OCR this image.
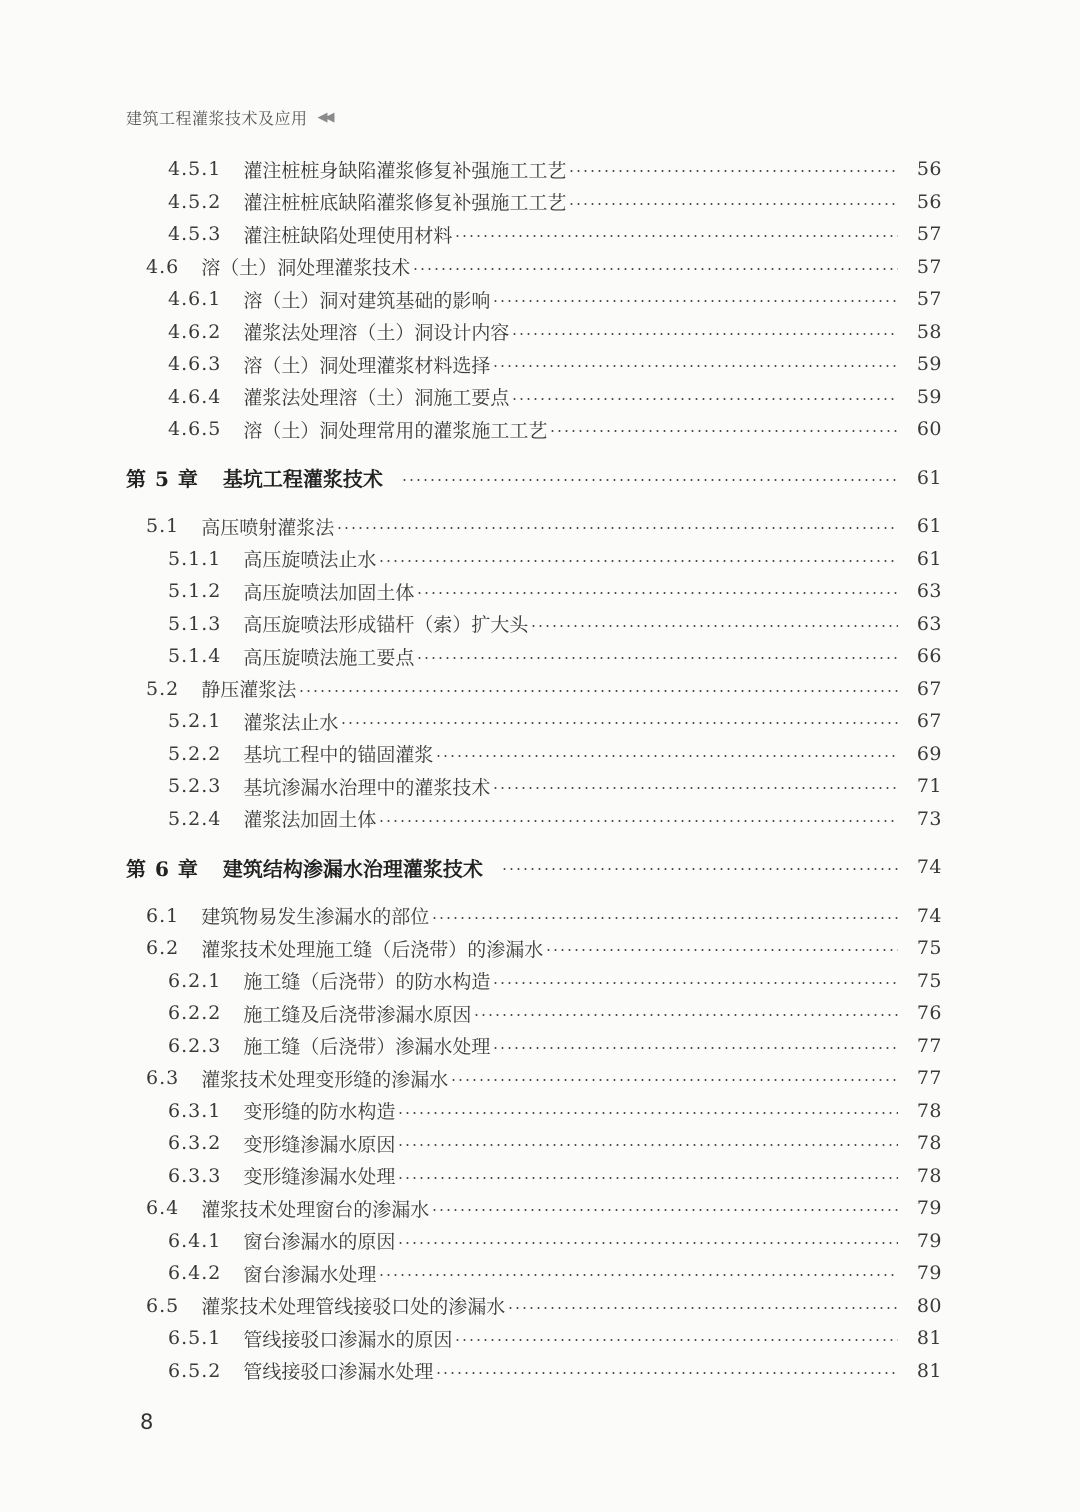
建筑工程灌浆技术及应用 ◀◀
4.5.1 灌注桩桩身缺陷灌浆修复补强施工工艺	56
4.5.2 灌注桩桩底缺陷灌浆修复补强施工工艺	56
4.5.3 灌注桩缺陷处理使用材料	57
4.6 溶（土）洞处理灌浆技术	57
4.6.1 溶（土）洞对建筑基础的影响	57
4.6.2 灌浆法处理溶（土）洞设计内容	58
4.6.3 溶（土）洞处理灌浆材料选择	59
4.6.4 灌浆法处理溶（土）洞施工要点	59
4.6.5 溶（土）洞处理常用的灌浆施工工艺	60
第 5 章 基坑工程灌浆技术	61
5.1 高压喷射灌浆法	61
5.1.1 高压旋喷法止水	61
5.1.2 高压旋喷法加固土体	63
5.1.3 高压旋喷法形成锚杆（索）扩大头	63
5.1.4 高压旋喷法施工要点	66
5.2 静压灌浆法	67
5.2.1 灌浆法止水	67
5.2.2 基坑工程中的锚固灌浆	69
5.2.3 基坑渗漏水治理中的灌浆技术	71
5.2.4 灌浆法加固土体	73
第 6 章 建筑结构渗漏水治理灌浆技术	74
6.1 建筑物易发生渗漏水的部位	74
6.2 灌浆技术处理施工缝（后浇带）的渗漏水	75
6.2.1 施工缝（后浇带）的防水构造	75
6.2.2 施工缝及后浇带渗漏水原因	76
6.2.3 施工缝（后浇带）渗漏水处理	77
6.3 灌浆技术处理变形缝的渗漏水	77
6.3.1 变形缝的防水构造	78
6.3.2 变形缝渗漏水原因	78
6.3.3 变形缝渗漏水处理	78
6.4 灌浆技术处理窗台的渗漏水	79
6.4.1 窗台渗漏水的原因	79
6.4.2 窗台渗漏水处理	79
6.5 灌浆技术处理管线接驳口处的渗漏水	80
6.5.1 管线接驳口渗漏水的原因	81
6.5.2 管线接驳口渗漏水处理	81
8
